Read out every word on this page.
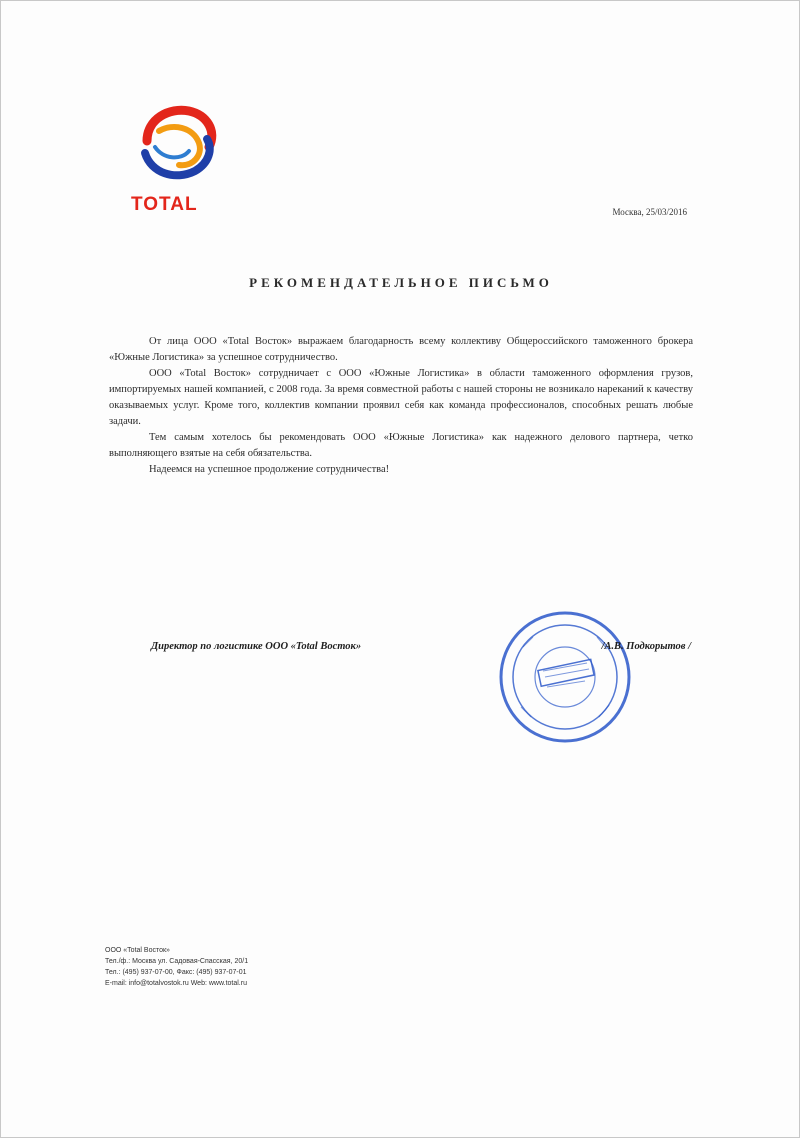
TOTAL	Москва, 25/03/2016
РЕКОМЕНДАТЕЛЬНОЕ ПИСЬМО

От лица ООО «Total Восток» выражаем благодарность всему коллективу Общероссийского таможенного брокера «Южные Логистика» за успешное сотрудничество.

ООО «Total Восток» сотрудничает с ООО «Южные Логистика» в области таможенного оформления грузов, импортируемых нашей компанией, с 2008 года. За время совместной работы с нашей стороны не возникало нареканий к качеству оказываемых услуг. Кроме того, коллектив компании проявил себя как команда профессионалов, способных решать любые задачи.

Тем самым хотелось бы рекомендовать ООО «Южные Логистика» как надежного делового партнера, четко выполняющего взятые на себя обязательства.

Надеемся на успешное продолжение сотрудничества!

Директор по логистике ООО «Total Восток»	/А.В. Подкорытов /
ООО «Total Восток»
Тел./ф.: Москва ул. Садовая-Спасская, 20/1
Тел.: (495) 937-07-00, Факс: (495) 937-07-01
E-mail: info@totalvostok.ru Web: www.total.ru
